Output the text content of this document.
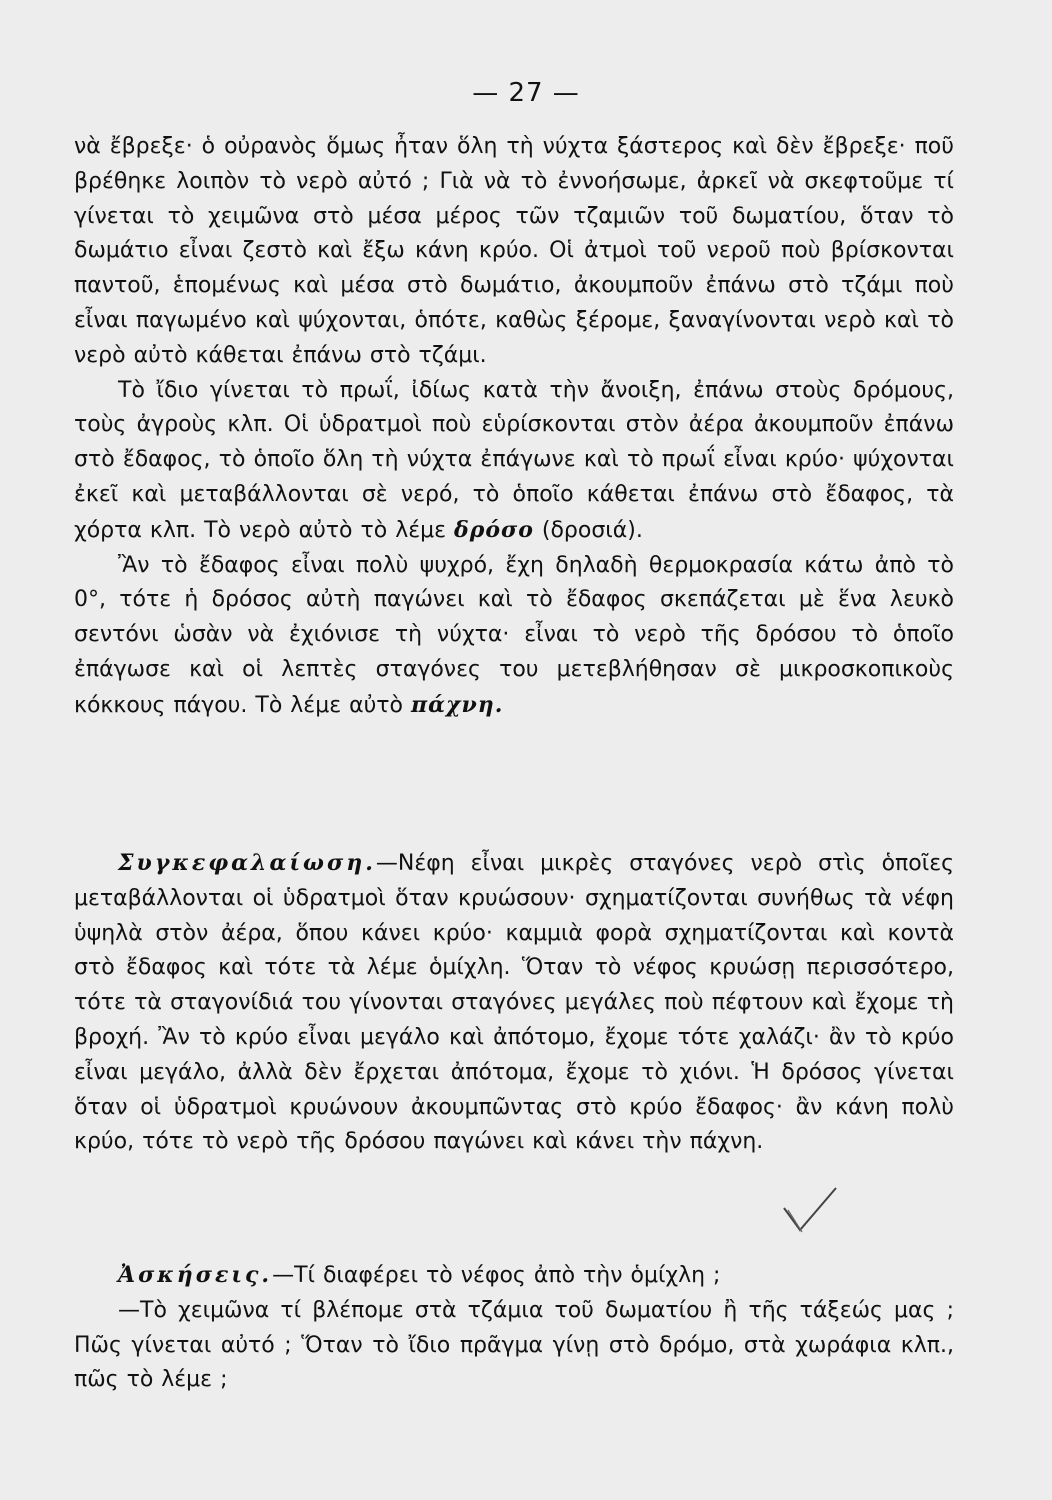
— 27 —

νὰ ἔβρεξε· ὁ οὐρανὸς ὅμως ἦταν ὅλη τὴ νύχτα ξάστερος καὶ δὲν ἔβρεξε· ποῦ βρέθηκε λοιπὸν τὸ νερὸ αὐτό ; Γιὰ νὰ τὸ ἐννοήσωμε, ἀρκεῖ νὰ σκεφτοῦμε τί γίνεται τὸ χειμῶνα στὸ μέσα μέρος τῶν τζαμιῶν τοῦ δωματίου, ὅταν τὸ δωμάτιο εἶναι ζεστὸ καὶ ἔξω κάνη κρύο. Οἱ ἀτμοὶ τοῦ νεροῦ ποὺ βρίσκονται παντοῦ, ἑπομένως καὶ μέσα στὸ δωμάτιο, ἀκουμποῦν ἐπάνω στὸ τζάμι ποὺ εἶναι παγωμένο καὶ ψύχονται, ὁπότε, καθὼς ξέρομε, ξαναγίνονται νερὸ καὶ τὸ νερὸ αὐτὸ κάθεται ἐπάνω στὸ τζάμι.

Τὸ ἴδιο γίνεται τὸ πρωΐ, ἰδίως κατὰ τὴν ἄνοιξη, ἐπάνω στοὺς δρόμους, τοὺς ἀγροὺς κλπ. Οἱ ὑδρατμοὶ ποὺ εὑρίσκονται στὸν ἀέρα ἀκουμποῦν ἐπάνω στὸ ἔδαφος, τὸ ὁποῖο ὅλη τὴ νύχτα ἐπάγωνε καὶ τὸ πρωΐ εἶναι κρύο· ψύχονται ἐκεῖ καὶ μεταβάλλονται σὲ νερό, τὸ ὁποῖο κάθεται ἐπάνω στὸ ἔδαφος, τὰ χόρτα κλπ. Τὸ νερὸ αὐτὸ τὸ λέμε δρόσο (δροσιά).

Ἂν τὸ ἔδαφος εἶναι πολὺ ψυχρό, ἔχη δηλαδὴ θερμοκρασία κάτω ἀπὸ τὸ 0°, τότε ἡ δρόσος αὐτὴ παγώνει καὶ τὸ ἔδαφος σκεπάζεται μὲ ἕνα λευκὸ σεντόνι ὡσὰν νὰ ἐχιόνισε τὴ νύχτα· εἶναι τὸ νερὸ τῆς δρόσου τὸ ὁποῖο ἐπάγωσε καὶ οἱ λεπτὲς σταγόνες του μετεβλήθησαν σὲ μικροσκοπικοὺς κόκκους πάγου. Τὸ λέμε αὐτὸ πάχνη.

Συγκεφαλαίωση.—Νέφη εἶναι μικρὲς σταγόνες νερὸ στὶς ὁποῖες μεταβάλλονται οἱ ὑδρατμοὶ ὅταν κρυώσουν· σχηματίζονται συνήθως τὰ νέφη ὑψηλὰ στὸν ἀέρα, ὅπου κάνει κρύο· καμμιὰ φορὰ σχηματίζονται καὶ κοντὰ στὸ ἔδαφος καὶ τότε τὰ λέμε ὁμίχλη. Ὅταν τὸ νέφος κρυώσῃ περισσότερο, τότε τὰ σταγονίδιά του γίνονται σταγόνες μεγάλες ποὺ πέφτουν καὶ ἔχομε τὴ βροχή. Ἂν τὸ κρύο εἶναι μεγάλο καὶ ἀπότομο, ἔχομε τότε χαλάζι· ἂν τὸ κρύο εἶναι μεγάλο, ἀλλὰ δὲν ἔρχεται ἀπότομα, ἔχομε τὸ χιόνι. Ἡ δρόσος γίνεται ὅταν οἱ ὑδρατμοὶ κρυώνουν ἀκουμπῶντας στὸ κρύο ἔδαφος· ἂν κάνη πολὺ κρύο, τότε τὸ νερὸ τῆς δρόσου παγώνει καὶ κάνει τὴν πάχνη.

Ἀσκήσεις.—Τί διαφέρει τὸ νέφος ἀπὸ τὴν ὁμίχλη ;

—Τὸ χειμῶνα τί βλέπομε στὰ τζάμια τοῦ δωματίου ἢ τῆς τάξεώς μας ; Πῶς γίνεται αὐτό ; Ὅταν τὸ ἴδιο πρᾶγμα γίνῃ στὸ δρόμο, στὰ χωράφια κλπ., πῶς τὸ λέμε ;
